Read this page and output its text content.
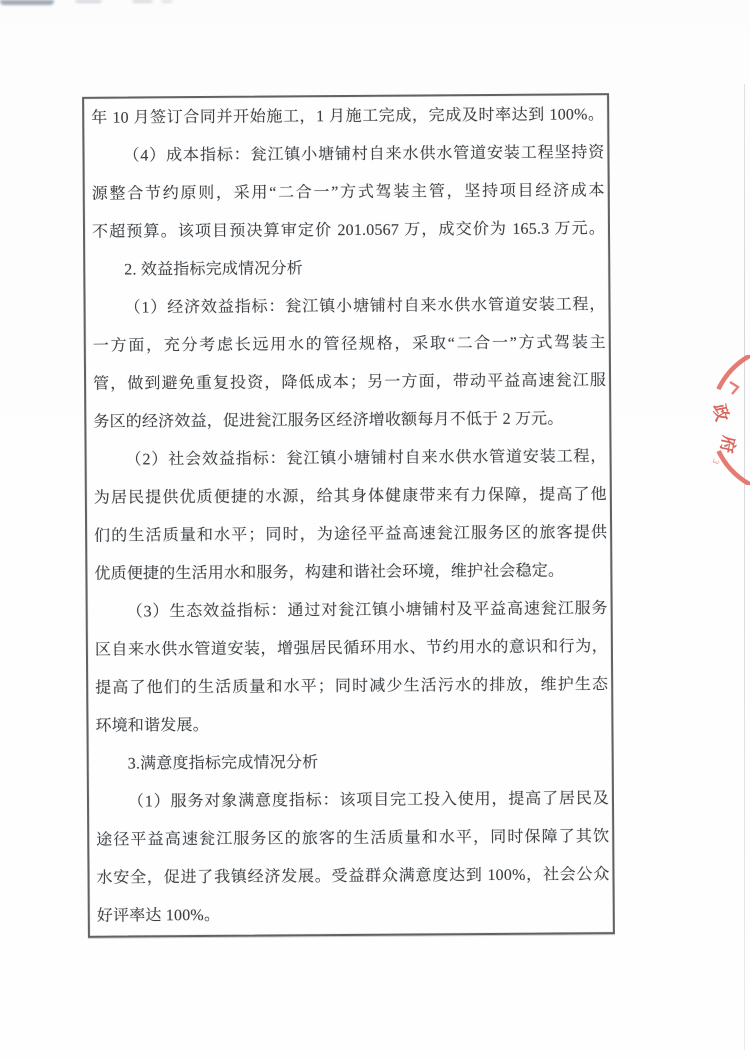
年 10 月签订合同并开始施工，1 月施工完成，完成及时率达到 100%。
（4）成本指标：瓮江镇小塘铺村自来水供水管道安装工程坚持资
源整合节约原则，采用“二合一”方式驾装主管，坚持项目经济成本
不超预算。该项目预决算审定价 201.0567 万，成交价为 165.3 万元。
2. 效益指标完成情况分析
（1）经济效益指标：瓮江镇小塘铺村自来水供水管道安装工程，
一方面，充分考虑长远用水的管径规格，采取“二合一”方式驾装主
管，做到避免重复投资，降低成本；另一方面，带动平益高速瓮江服
务区的经济效益，促进瓮江服务区经济增收额每月不低于 2 万元。
（2）社会效益指标：瓮江镇小塘铺村自来水供水管道安装工程，
为居民提供优质便捷的水源，给其身体健康带来有力保障，提高了他
们的生活质量和水平；同时，为途径平益高速瓮江服务区的旅客提供
优质便捷的生活用水和服务，构建和谐社会环境，维护社会稳定。
（3）生态效益指标：通过对瓮江镇小塘铺村及平益高速瓮江服务
区自来水供水管道安装，增强居民循环用水、节约用水的意识和行为，
提高了他们的生活质量和水平；同时减少生活污水的排放，维护生态
环境和谐发展。
3.满意度指标完成情况分析
（1）服务对象满意度指标：该项目完工投入使用，提高了居民及
途径平益高速瓮江服务区的旅客的生活质量和水平，同时保障了其饮
水安全，促进了我镇经济发展。受益群众满意度达到 100%，社会公众
好评率达 100%。
政
府
3
